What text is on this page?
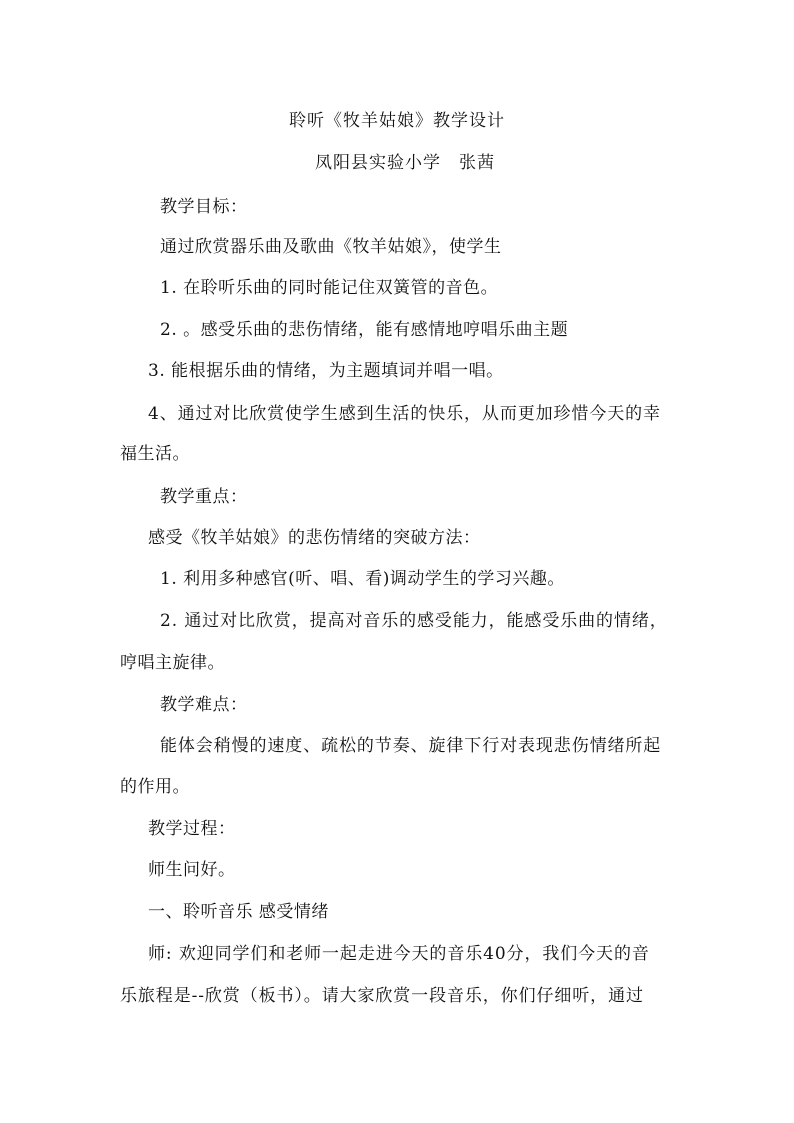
聆听《牧羊姑娘》教学设计
凤阳县实验小学　张茜
教学目标：
通过欣赏器乐曲及歌曲《牧羊姑娘》，使学生
1. 在聆听乐曲的同时能记住双簧管的音色。
2. 。感受乐曲的悲伤情绪，能有感情地哼唱乐曲主题
3. 能根据乐曲的情绪，为主题填词并唱一唱。
4、通过对比欣赏使学生感到生活的快乐，从而更加珍惜今天的幸
福生活。
教学重点：
感受《牧羊姑娘》的悲伤情绪的突破方法：
1. 利用多种感官(听、唱、看)调动学生的学习兴趣。
2. 通过对比欣赏，提高对音乐的感受能力，能感受乐曲的情绪，
哼唱主旋律。
教学难点：
能体会稍慢的速度、疏松的节奏、旋律下行对表现悲伤情绪所起
的作用。
教学过程：
师生问好。
一、聆听音乐 感受情绪
师: 欢迎同学们和老师一起走进今天的音乐40分，我们今天的音
乐旅程是--欣赏（板书）。请大家欣赏一段音乐，你们仔细听，通过
